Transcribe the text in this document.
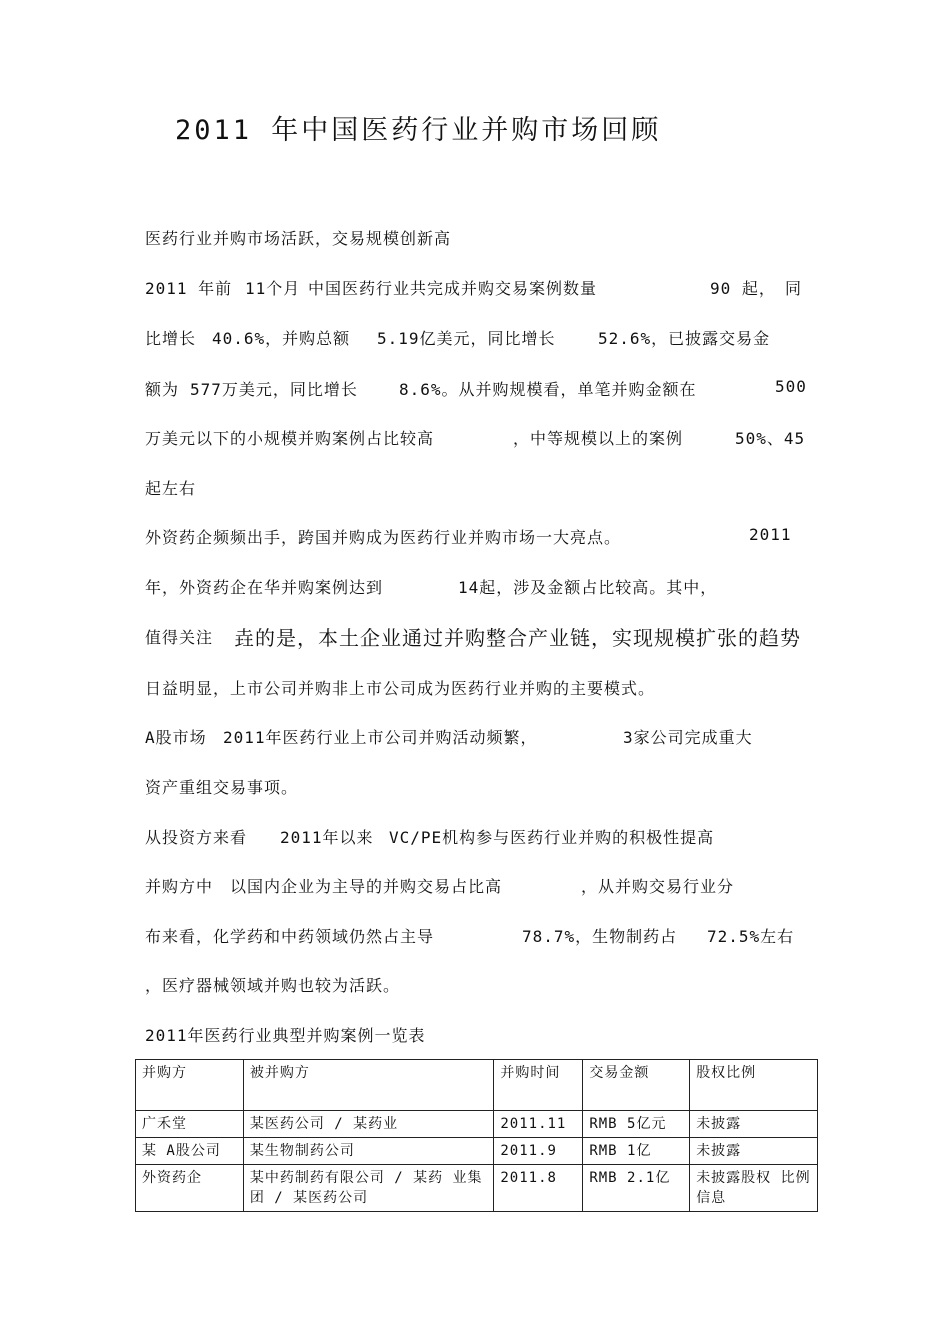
2011 年中国医药行业并购市场回顾
医药行业并购市场活跃，交易规模创新高
2011 年前 11个月 中国医药行业共完成并购交易案例数量	90 起， 同
比增长 40.6%，并购总额 5.19亿美元，同比增长	52.6%，已披露交易金
额为 577万美元，同比增长	8.6%。从并购规模看，单笔并购金额在	500
万美元以下的小规模并购案例占比较高	，中等规模以上的案例	50%、45
起左右
外资药企频频出手，跨国并购成为医药行业并购市场一大亮点。	2011
年，外资药企在华并购案例达到	14起，涉及金额占比较高。其中，
值得关注 垚的是，本土企业通过并购整合产业链，实现规模扩张的趋势
日益明显，上市公司并购非上市公司成为医药行业并购的主要模式。
A股市场 2011年医药行业上市公司并购活动频繁，	3家公司完成重大
资产重组交易事项。
从投资方来看 2011年以来 VC/PE机构参与医药行业并购的积极性提高
并购方中 以国内企业为主导的并购交易占比高	，从并购交易行业分
布来看，化学药和中药领域仍然占主导	78.7%，生物制药占 72.5%左右
，医疗器械领域并购也较为活跃。
2011年医药行业典型并购案例一览表
并购方	被并购方	并购时间	交易金额	股权比例
广禾堂	某医药公司 / 某药业	2011.11	RMB 5亿元	未披露
某 A股公司	某生物制药公司	2011.9	RMB 1亿	未披露
外资药企	某中药制药有限公司 / 某药 业集团 / 某医药公司	2011.8	RMB 2.1亿	未披露股权 比例信息
